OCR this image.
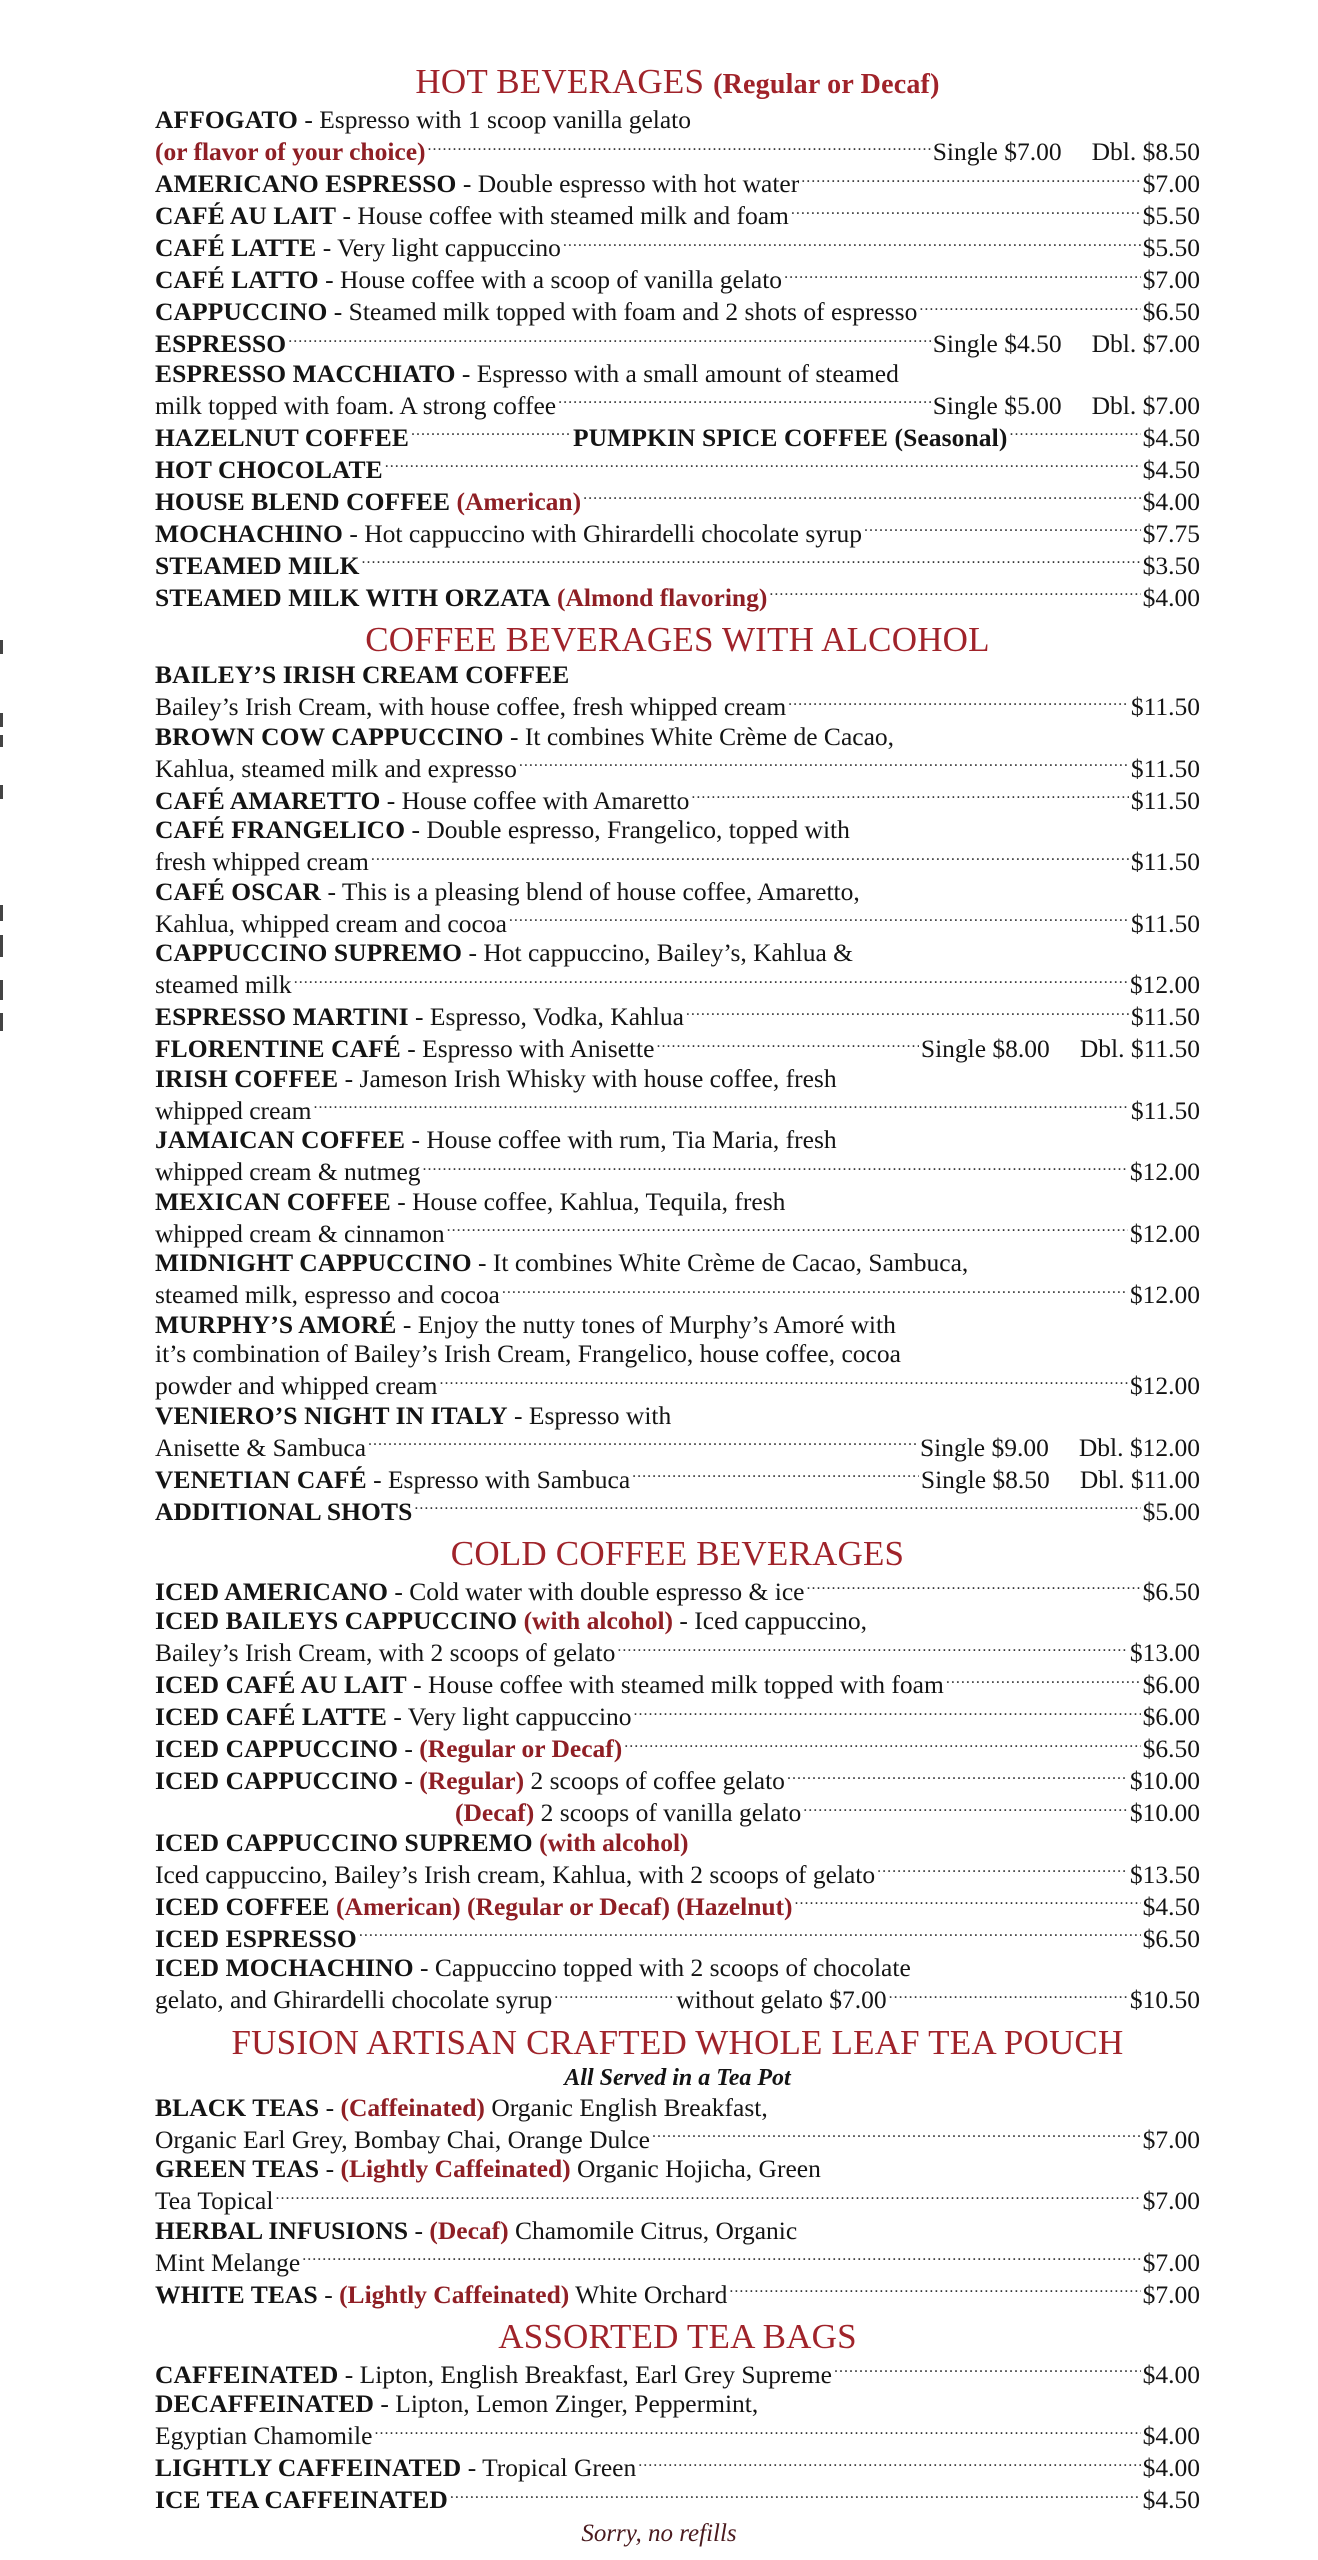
HOT BEVERAGES (Regular or Decaf)
AFFOGATO - Espresso with 1 scoop vanilla gelato
(or flavor of your choice) .....	Single $7.00 Dbl. $8.50
AMERICANO ESPRESSO - Double espresso with hot water .....	$7.00
CAFÉ AU LAIT - House coffee with steamed milk and foam .....	$5.50
CAFÉ LATTE - Very light cappuccino .....	$5.50
CAFÉ LATTO - House coffee with a scoop of vanilla gelato .....	$7.00
CAPPUCCINO - Steamed milk topped with foam and 2 shots of espresso .....	$6.50
ESPRESSO .....	Single $4.50 Dbl. $7.00
ESPRESSO MACCHIATO - Espresso with a small amount of steamed
milk topped with foam. A strong coffee .....	Single $5.00 Dbl. $7.00
HAZELNUT COFFEE .....	PUMPKIN SPICE COFFEE (Seasonal) .....	$4.50
HOT CHOCOLATE .....	$4.50
HOUSE BLEND COFFEE (American) .....	$4.00
MOCHACHINO - Hot cappuccino with Ghirardelli chocolate syrup .....	$7.75
STEAMED MILK .....	$3.50
STEAMED MILK WITH ORZATA (Almond flavoring) .....	$4.00
COFFEE BEVERAGES WITH ALCOHOL
BAILEY’S IRISH CREAM COFFEE
Bailey’s Irish Cream, with house coffee, fresh whipped cream .....	$11.50
BROWN COW CAPPUCCINO - It combines White Crème de Cacao,
Kahlua, steamed milk and expresso .....	$11.50
CAFÉ AMARETTO - House coffee with Amaretto .....	$11.50
CAFÉ FRANGELICO - Double espresso, Frangelico, topped with
fresh whipped cream .....	$11.50
CAFÉ OSCAR - This is a pleasing blend of house coffee, Amaretto,
Kahlua, whipped cream and cocoa .....	$11.50
CAPPUCCINO SUPREMO - Hot cappuccino, Bailey’s, Kahlua &
steamed milk .....	$12.00
ESPRESSO MARTINI - Espresso, Vodka, Kahlua .....	$11.50
FLORENTINE CAFÉ - Espresso with Anisette .....	Single $8.00 Dbl. $11.50
IRISH COFFEE - Jameson Irish Whisky with house coffee, fresh
whipped cream .....	$11.50
JAMAICAN COFFEE - House coffee with rum, Tia Maria, fresh
whipped cream & nutmeg .....	$12.00
MEXICAN COFFEE - House coffee, Kahlua, Tequila, fresh
whipped cream & cinnamon .....	$12.00
MIDNIGHT CAPPUCCINO - It combines White Crème de Cacao, Sambuca,
steamed milk, espresso and cocoa .....	$12.00
MURPHY’S AMORÉ - Enjoy the nutty tones of Murphy’s Amoré with
it’s combination of Bailey’s Irish Cream, Frangelico, house coffee, cocoa
powder and whipped cream .....	$12.00
VENIERO’S NIGHT IN ITALY - Espresso with
Anisette & Sambuca .....	Single $9.00 Dbl. $12.00
VENETIAN CAFÉ - Espresso with Sambuca .....	Single $8.50 Dbl. $11.00
ADDITIONAL SHOTS .....	$5.00
COLD COFFEE BEVERAGES
ICED AMERICANO - Cold water with double espresso & ice .....	$6.50
ICED BAILEYS CAPPUCCINO (with alcohol) - Iced cappuccino,
Bailey’s Irish Cream, with 2 scoops of gelato .....	$13.00
ICED CAFÉ AU LAIT - House coffee with steamed milk topped with foam .....	$6.00
ICED CAFÉ LATTE - Very light cappuccino .....	$6.00
ICED CAPPUCCINO - (Regular or Decaf) .....	$6.50
ICED CAPPUCCINO - (Regular) 2 scoops of coffee gelato .....	$10.00
(Decaf) 2 scoops of vanilla gelato .....	$10.00
ICED CAPPUCCINO SUPREMO (with alcohol)
Iced cappuccino, Bailey’s Irish cream, Kahlua, with 2 scoops of gelato .....	$13.50
ICED COFFEE (American) (Regular or Decaf) (Hazelnut) .....	$4.50
ICED ESPRESSO .....	$6.50
ICED MOCHACHINO - Cappuccino topped with 2 scoops of chocolate
gelato, and Ghirardelli chocolate syrup .....	without gelato $7.00 .....	$10.50
FUSION ARTISAN CRAFTED WHOLE LEAF TEA POUCH
All Served in a Tea Pot
BLACK TEAS - (Caffeinated) Organic English Breakfast,
Organic Earl Grey, Bombay Chai, Orange Dulce .....	$7.00
GREEN TEAS - (Lightly Caffeinated) Organic Hojicha, Green
Tea Topical .....	$7.00
HERBAL INFUSIONS - (Decaf) Chamomile Citrus, Organic
Mint Melange .....	$7.00
WHITE TEAS - (Lightly Caffeinated) White Orchard .....	$7.00
ASSORTED TEA BAGS
CAFFEINATED - Lipton, English Breakfast, Earl Grey Supreme .....	$4.00
DECAFFEINATED - Lipton, Lemon Zinger, Peppermint,
Egyptian Chamomile .....	$4.00
LIGHTLY CAFFEINATED - Tropical Green .....	$4.00
ICE TEA CAFFEINATED .....	$4.50
Sorry, no refills
